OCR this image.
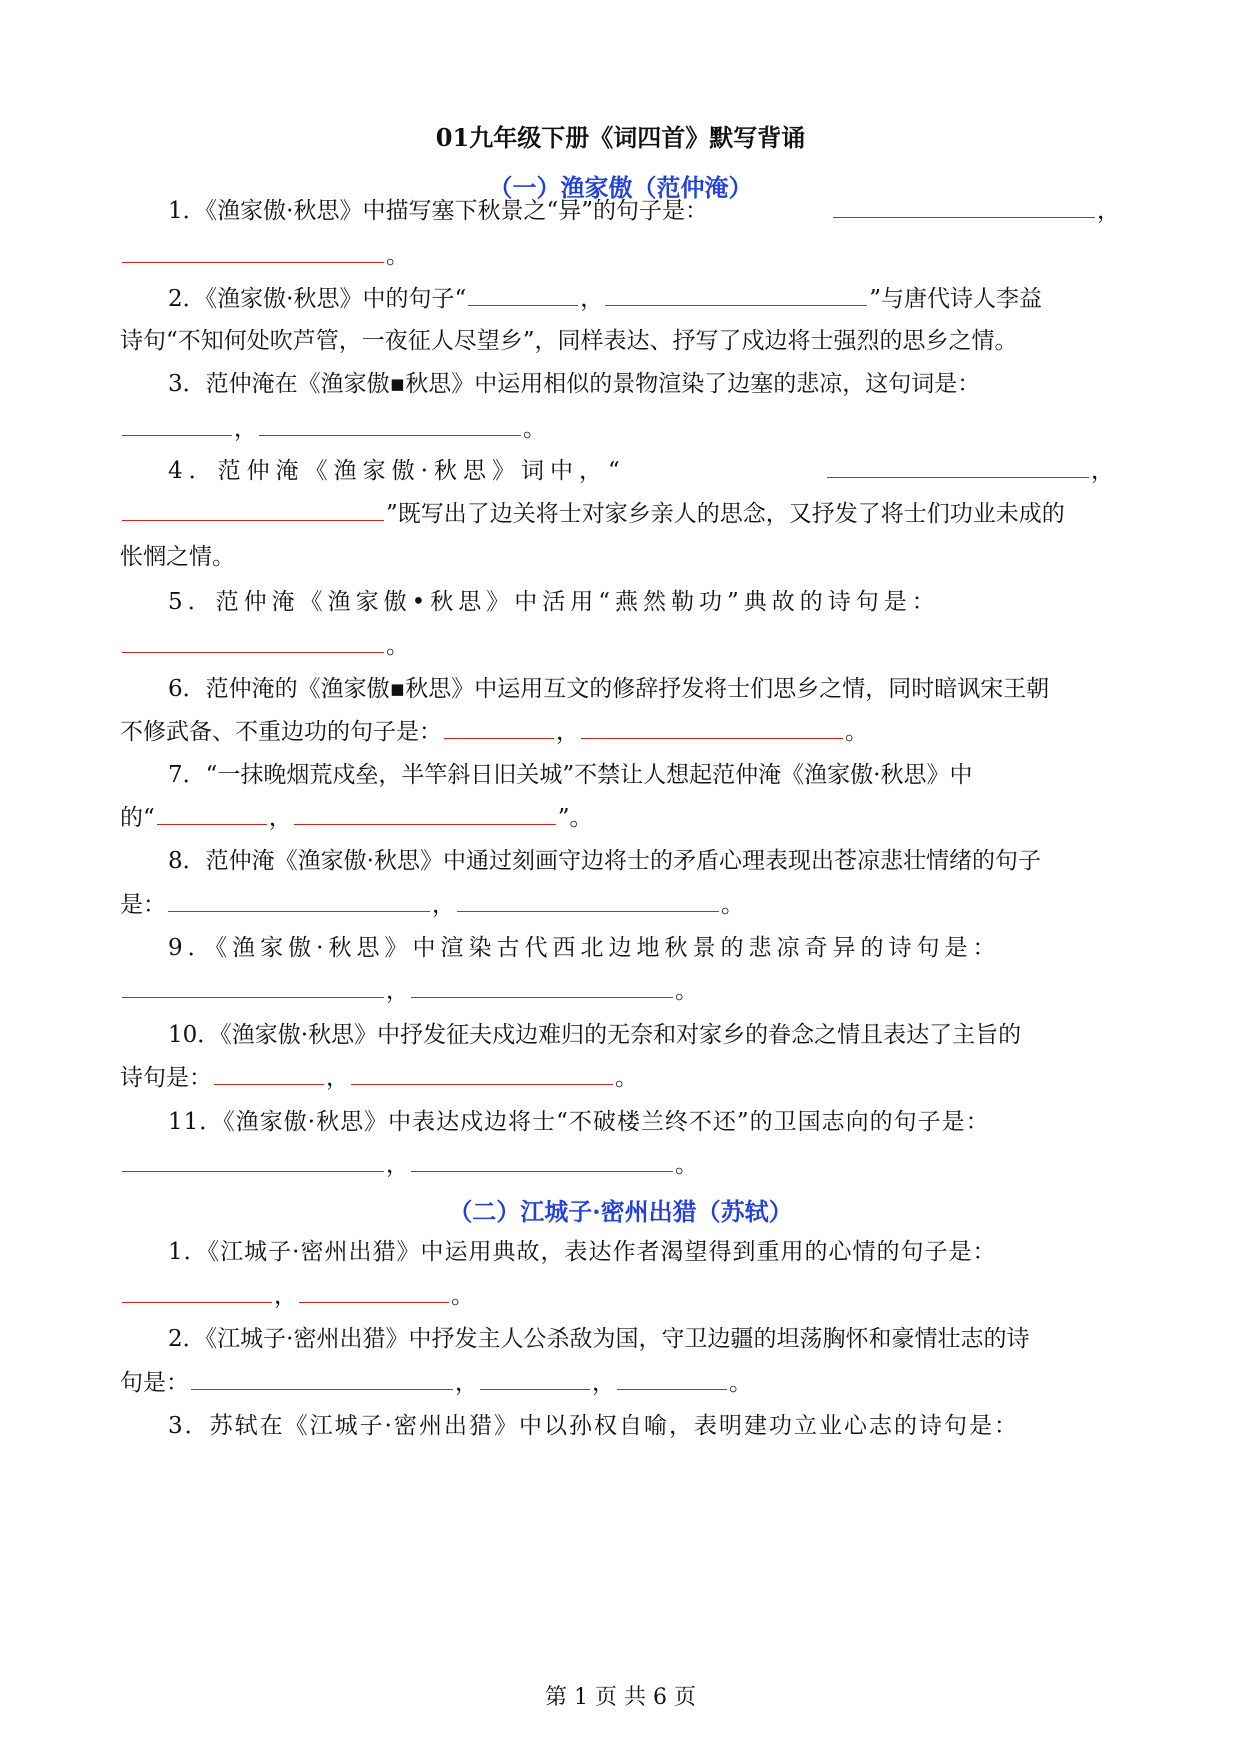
01九年级下册《词四首》默写背诵
（一）渔家傲（范仲淹）
1．《渔家傲·秋思》中描写塞下秋景之“异”的句子是：	，
。
2．《渔家傲·秋思》中的句子“	，	”与唐代诗人李益
诗句“不知何处吹芦管，一夜征人尽望乡”，同样表达、抒写了戍边将士强烈的思乡之情。
3．范仲淹在《渔家傲▪秋思》中运用相似的景物渲染了边塞的悲凉，这句词是：
，	。
4．范仲淹《渔家傲·秋思》词中，“	，
”既写出了边关将士对家乡亲人的思念，又抒发了将士们功业未成的
怅惘之情。
5．范仲淹《渔家傲•秋思》中活用“燕然勒功”典故的诗句是：
。
6．范仲淹的《渔家傲▪秋思》中运用互文的修辞抒发将士们思乡之情，同时暗讽宋王朝
不修武备、不重边功的句子是：	，	。
7．“一抹晚烟荒戍垒，半竿斜日旧关城”不禁让人想起范仲淹《渔家傲·秋思》中
的“	，	”。
8．范仲淹《渔家傲·秋思》中通过刻画守边将士的矛盾心理表现出苍凉悲壮情绪的句子
是：	，	。
9．《渔家傲·秋思》中渲染古代西北边地秋景的悲凉奇异的诗句是：
，	。
10．《渔家傲·秋思》中抒发征夫戍边难归的无奈和对家乡的眷念之情且表达了主旨的
诗句是：	，	。
11．《渔家傲·秋思》中表达戍边将士“不破楼兰终不还”的卫国志向的句子是：
，	。
（二）江城子·密州出猎（苏轼）
1．《江城子·密州出猎》中运用典故，表达作者渴望得到重用的心情的句子是：
，	。
2．《江城子·密州出猎》中抒发主人公杀敌为国，守卫边疆的坦荡胸怀和豪情壮志的诗
句是：	，	，	。
3．苏轼在《江城子·密州出猎》中以孙权自喻，表明建功立业心志的诗句是：
第 1 页 共 6 页
